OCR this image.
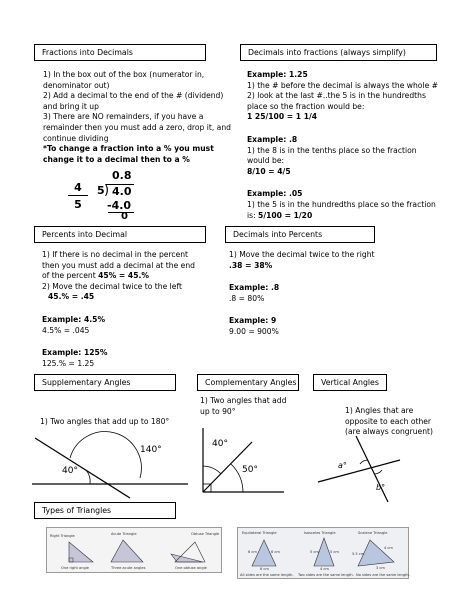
Fractions into Decimals
1) In the box out of the box (numerator in,
denominator out)
2) Add a decimal to the end of the # (dividend)
and bring it up
3) There are NO remainders, if you have a
remainder then you must add a zero, drop it, and
continue dividing
*To change a fraction into a % you must
change it to a decimal then to a %
4
5
0.8
5 ) 4.0
-4.0
0
Decimals into fractions (always simplify)
Example: 1.25
1) the # before the decimal is always the whole #
2) look at the last #..the 5 is in the hundredths
place so the fraction would be:
1 25/100 = 1 1/4
Example: .8
1) the 8 is in the tenths place so the fraction
would be:
8/10 = 4/5
Example: .05
1) the 5 is in the hundredths place so the fraction
is: 5/100 = 1/20
Percents into Decimal
1) If there is no decimal in the percent
then you must add a decimal at the end
of the percent 45% = 45.%
2) Move the decimal twice to the left
45.% = .45
Example: 4.5%
4.5% = .045
Example: 125%
125.% = 1.25
Decimals into Percents
1) Move the decimal twice to the right
.38 = 38%
Example: .8
.8 = 80%
Example: 9
9.00 = 900%
Supplementary Angles
1) Two angles that add up to 180°
140°
40°
Complementary Angles
1) Two angles that add
up to 90°
40°
50°
Vertical Angles
1) Angles that are
opposite to each other
(are always congruent)
a°
b°
Types of Triangles
Right Triangle	Acute Triangle	Obtuse Triangle
One right angle	Three acute angles	One obtuse angle
Equilateral Triangle	Isosceles Triangle	Scalene Triangle
6 cm	6 cm
6 cm
5 cm	5 cm
4 cm
5.5 cm
4 cm
3 cm
All sides are the same length. Two sides are the same length. No sides are the same length.
